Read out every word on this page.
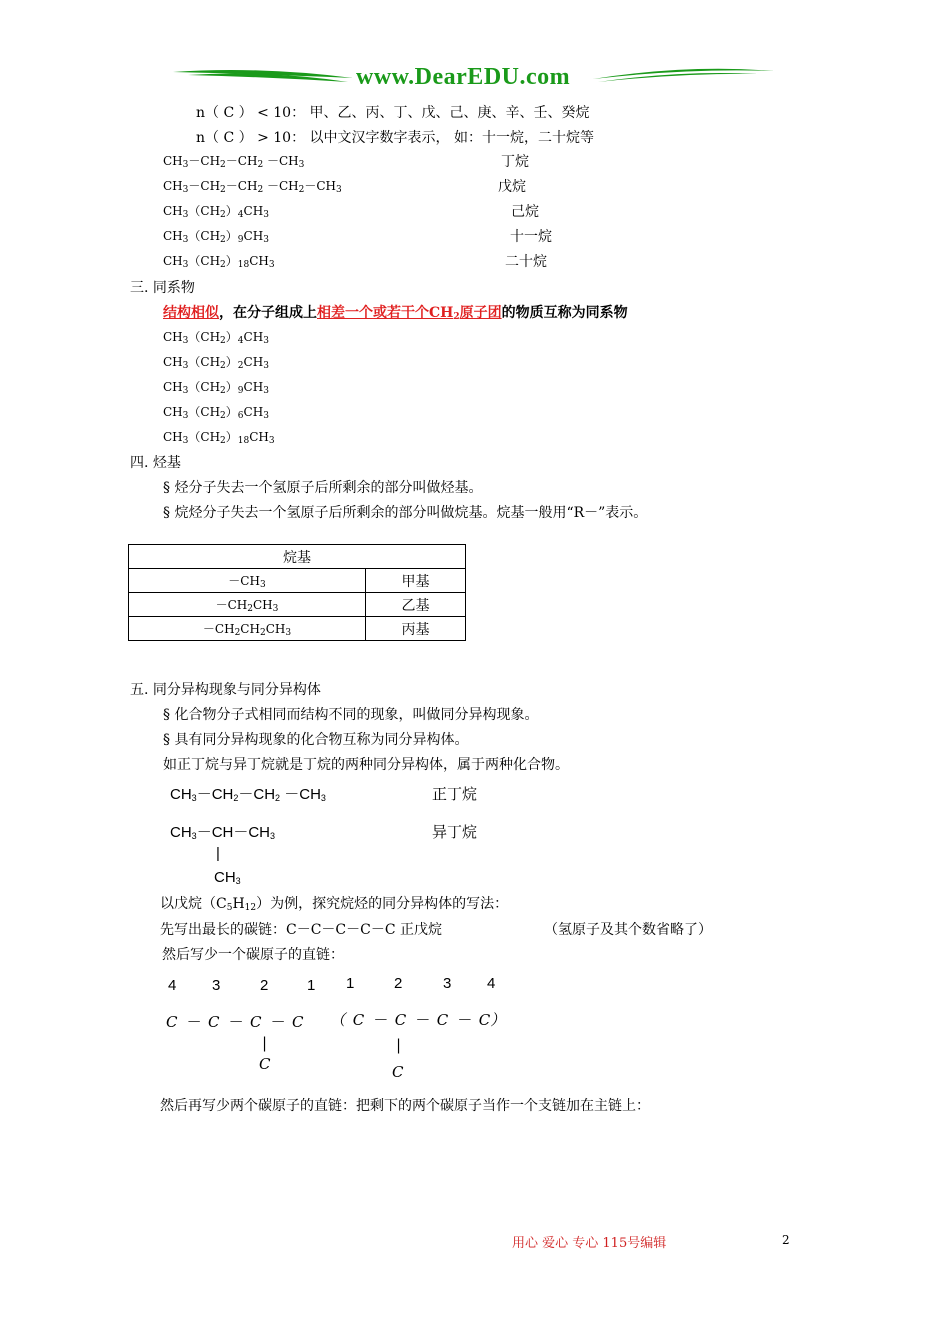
www.DearEDU.com
n（ C ） < 10： 甲、乙、丙、丁、戊、己、庚、辛、壬、癸烷
n（ C ） > 10： 以中文汉字数字表示， 如：十一烷，二十烷等
$CH_3-CH_2-CH_2 -CH_3$	丁烷
$CH_3-CH_2-CH_2 -CH_2-CH_3$	戊烷
$CH_3(CH_2)_4CH_3$	己烷
$CH_3(CH_2)_9CH_3$	十一烷
$CH_3(CH_2)_{18}CH_3$	二十烷
三. 同系物
结构相似，在分子组成上相差一个或若干个$CH_2$原子团的物质互称为同系物
$CH_3(CH_2)_4CH_3$
$CH_3(CH_2)_2CH_3$
$CH_3(CH_2)_9CH_3$
$CH_3(CH_2)_6CH_3$
$CH_3(CH_2)_{18}CH_3$
四. 烃基
§ 烃分子失去一个氢原子后所剩余的部分叫做烃基。
§ 烷烃分子失去一个氢原子后所剩余的部分叫做烷基。烷基一般用“R－”表示。
烷基	
$-CH_3$	甲基
$-CH_2CH_3$	乙基
$-CH_2CH_2CH_3$	丙基
五. 同分异构现象与同分异构体
§ 化合物分子式相同而结构不同的现象，叫做同分异构现象。
§ 具有同分异构现象的化合物互称为同分异构体。
如正丁烷与异丁烷就是丁烷的两种同分异构体，属于两种化合物。
$CH_3-CH_2-CH_2 -CH_3$	正丁烷
$CH_3-CH-CH_3$	异丁烷
|
$CH_3$
以戊烷$(C_5H_{12})$为例，探究烷烃的同分异构体的写法：
先写出最长的碳链：C－C－C－C－C 正戊烷	（氢原子及其个数省略了）
然后写少一个碳原子的直链：
4 3	2	1 1	2	3 4
C － C － C － C （ C － C － C － C）
|
C
|
C
然后再写少两个碳原子的直链：把剩下的两个碳原子当作一个支链加在主链上：
用心 爱心 专心 115号编辑	2
